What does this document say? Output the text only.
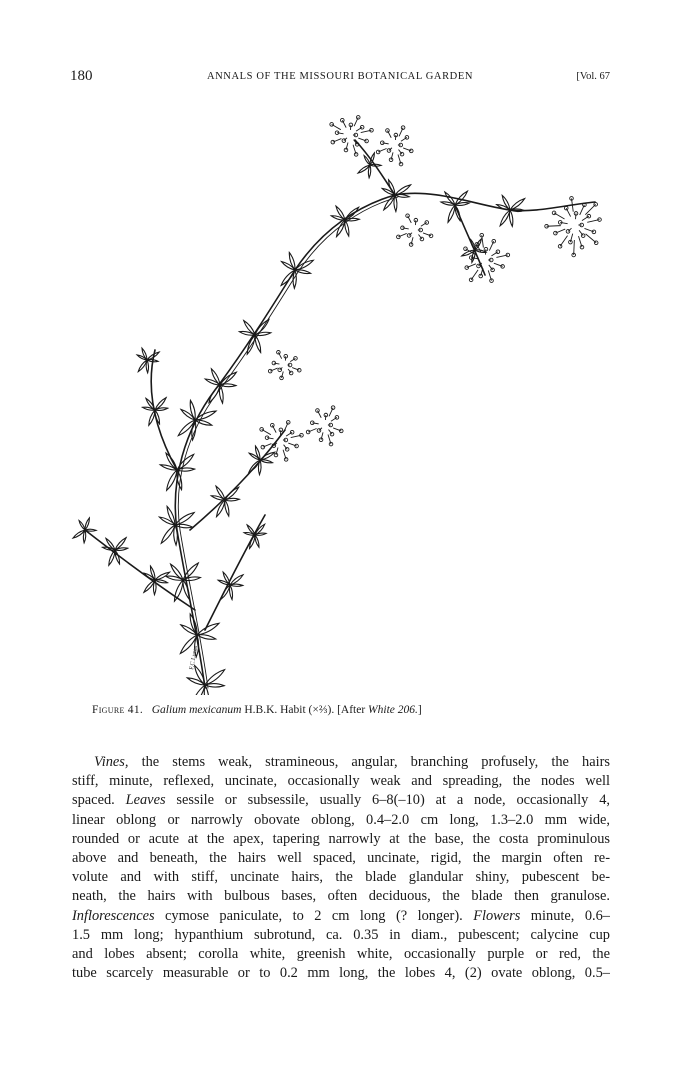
180	ANNALS OF THE MISSOURI BOTANICAL GARDEN	[Vol. 67
F.C.Lucas
Figure 41. Galium mexicanum H.B.K. Habit (×⅔). [After White 206.]
Vines, the stems weak, stramineous, angular, branching profusely, the hairs
stiff, minute, reflexed, uncinate, occasionally weak and spreading, the nodes well
spaced. Leaves sessile or subsessile, usually 6–8(–10) at a node, occasionally 4,
linear oblong or narrowly obovate oblong, 0.4–2.0 cm long, 1.3–2.0 mm wide,
rounded or acute at the apex, tapering narrowly at the base, the costa prominulous
above and beneath, the hairs well spaced, uncinate, rigid, the margin often re-
volute and with stiff, uncinate hairs, the blade glandular shiny, pubescent be-
neath, the hairs with bulbous bases, often deciduous, the blade then granulose.
Inflorescences cymose paniculate, to 2 cm long (? longer). Flowers minute, 0.6–
1.5 mm long; hypanthium subrotund, ca. 0.35 in diam., pubescent; calycine cup
and lobes absent; corolla white, greenish white, occasionally purple or red, the
tube scarcely measurable or to 0.2 mm long, the lobes 4, (2) ovate oblong, 0.5–
